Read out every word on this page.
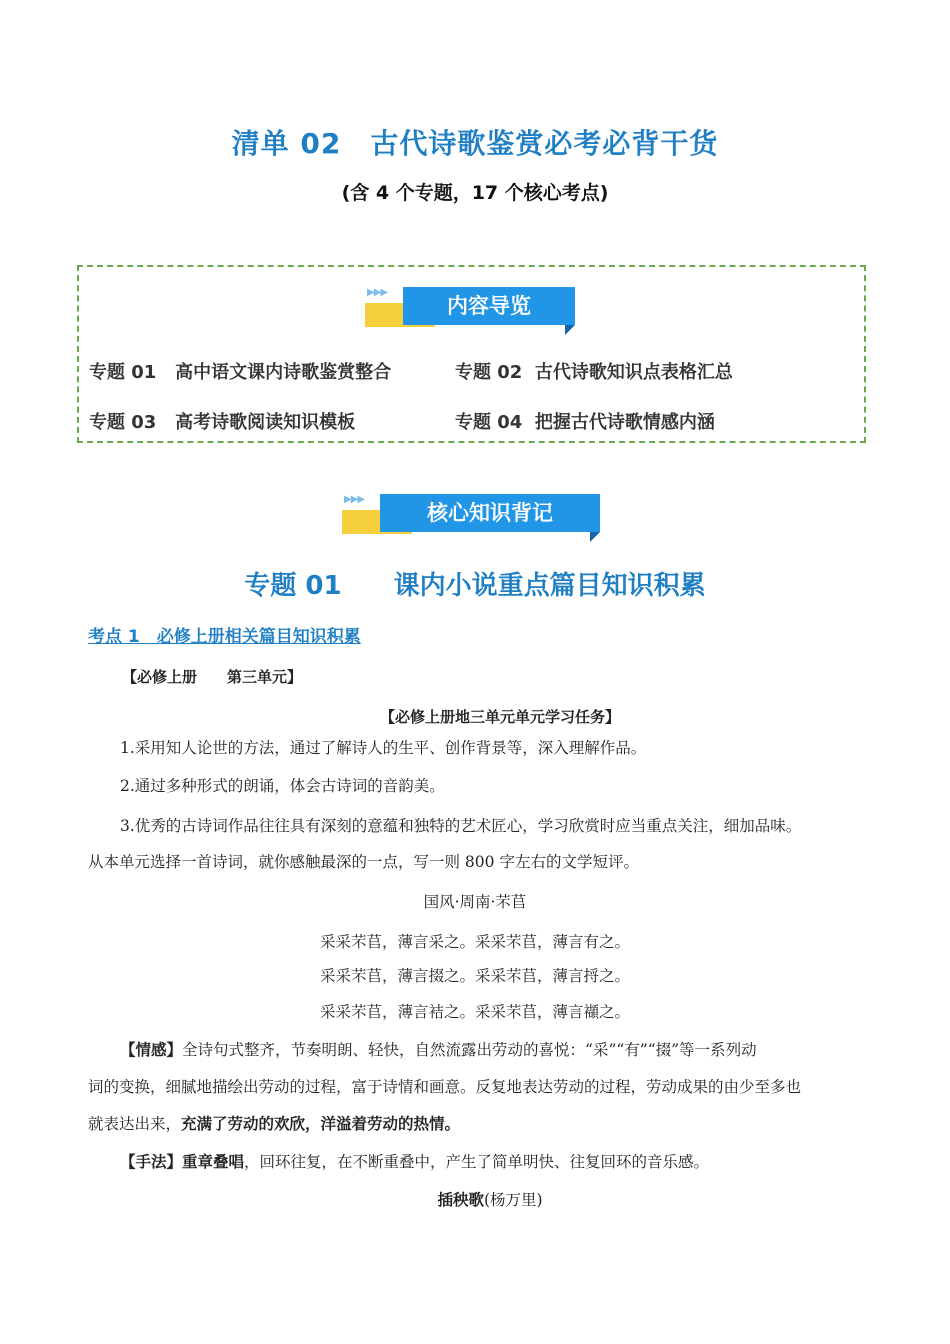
清单 02　古代诗歌鉴赏必考必背干货
(含 4 个专题，17 个核心考点)
▶▶▶
内容导览
专题 01 高中语文课内诗歌鉴赏整合	专题 02 古代诗歌知识点表格汇总
专题 03 高考诗歌阅读知识模板	专题 04 把握古代诗歌情感内涵
▶▶▶
核心知识背记
专题 01　　课内小说重点篇目知识积累
考点 1　必修上册相关篇目知识积累
【必修上册　　第三单元】
【必修上册地三单元单元学习任务】
1.采用知人论世的方法，通过了解诗人的生平、创作背景等，深入理解作品。
2.通过多种形式的朗诵，体会古诗词的音韵美。
3.优秀的古诗词作品往往具有深刻的意蕴和独特的艺术匠心，学习欣赏时应当重点关注，细加品味。
从本单元选择一首诗词，就你感触最深的一点，写一则 800 字左右的文学短评。
国风·周南·芣苢
采采芣苢，薄言采之。采采芣苢，薄言有之。
采采芣苢，薄言掇之。采采芣苢，薄言捋之。
采采芣苢，薄言袺之。采采芣苢，薄言襭之。
【情感】全诗句式整齐，节奏明朗、轻快，自然流露出劳动的喜悦：“采”“有”“掇”等一系列动
词的变换，细腻地描绘出劳动的过程，富于诗情和画意。反复地表达劳动的过程，劳动成果的由少至多也
就表达出来，充满了劳动的欢欣，洋溢着劳动的热情。
【手法】重章叠唱，回环往复，在不断重叠中，产生了简单明快、往复回环的音乐感。
插秧歌(杨万里)
